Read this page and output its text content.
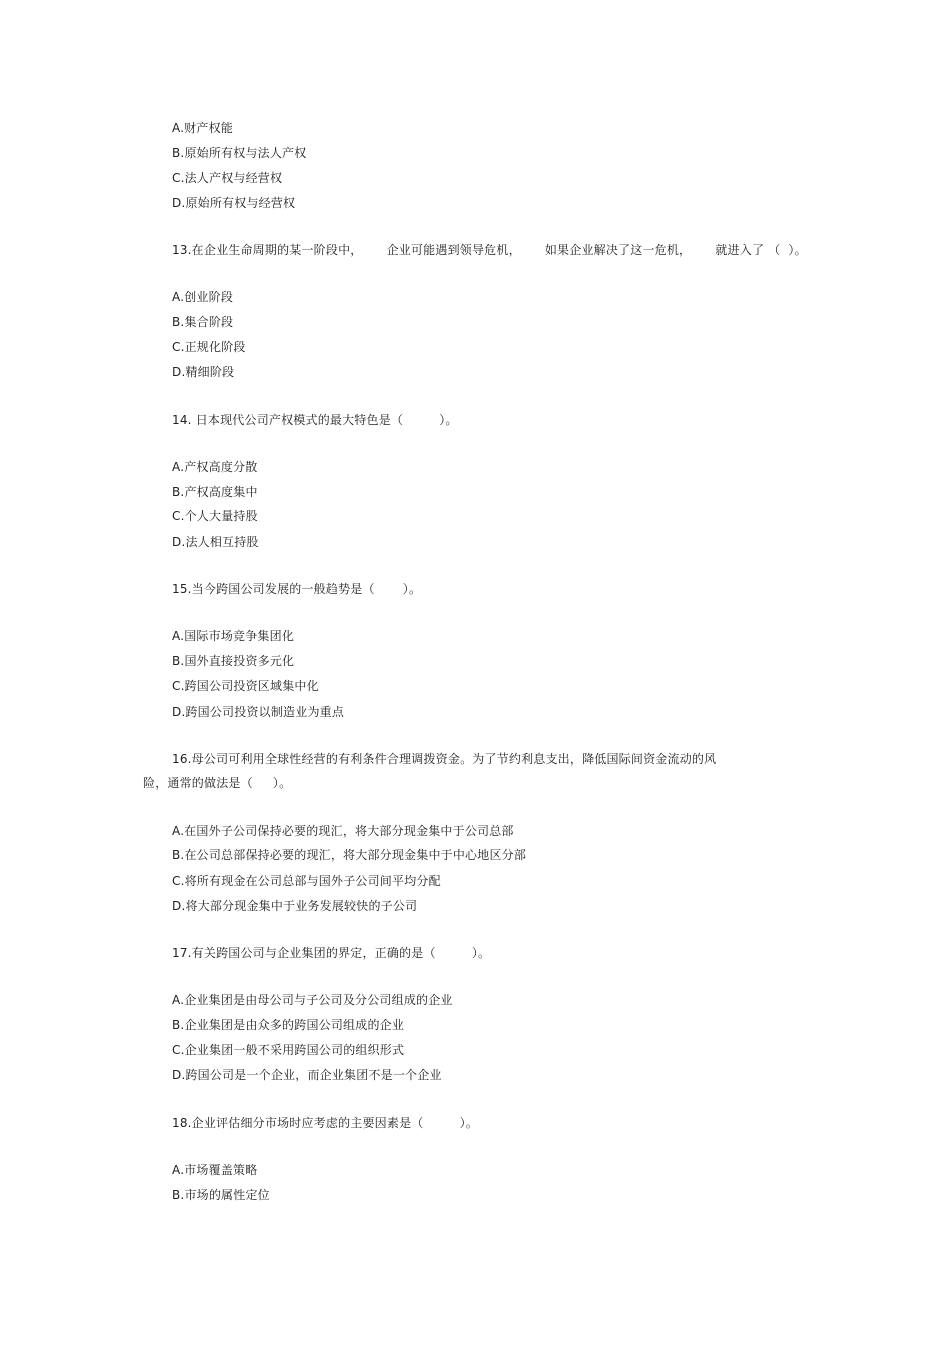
A.财产权能
B.原始所有权与法人产权
C.法人产权与经营权
D.原始所有权与经营权
13.在企业生命周期的某一阶段中，      企业可能遇到领导危机，      如果企业解决了这一危机，      就进入了 （  ）。
A.创业阶段
B.集合阶段
C.正规化阶段
D.精细阶段
14. 日本现代公司产权模式的最大特色是（         ）。
A.产权高度分散
B.产权高度集中
C.个人大量持股
D.法人相互持股
15.当今跨国公司发展的一般趋势是（       ）。
A.国际市场竞争集团化
B.国外直接投资多元化
C.跨国公司投资区域集中化
D.跨国公司投资以制造业为重点
16.母公司可利用全球性经营的有利条件合理调拨资金。为了节约利息支出，降低国际间资金流动的风
险，通常的做法是（     ）。
A.在国外子公司保持必要的现汇，将大部分现金集中于公司总部
B.在公司总部保持必要的现汇，将大部分现金集中于中心地区分部
C.将所有现金在公司总部与国外子公司间平均分配
D.将大部分现金集中于业务发展较快的子公司
17.有关跨国公司与企业集团的界定，正确的是（         ）。
A.企业集团是由母公司与子公司及分公司组成的企业
B.企业集团是由众多的跨国公司组成的企业
C.企业集团一般不采用跨国公司的组织形式
D.跨国公司是一个企业，而企业集团不是一个企业
18.企业评估细分市场时应考虑的主要因素是（         ）。
A.市场覆盖策略
B.市场的属性定位
